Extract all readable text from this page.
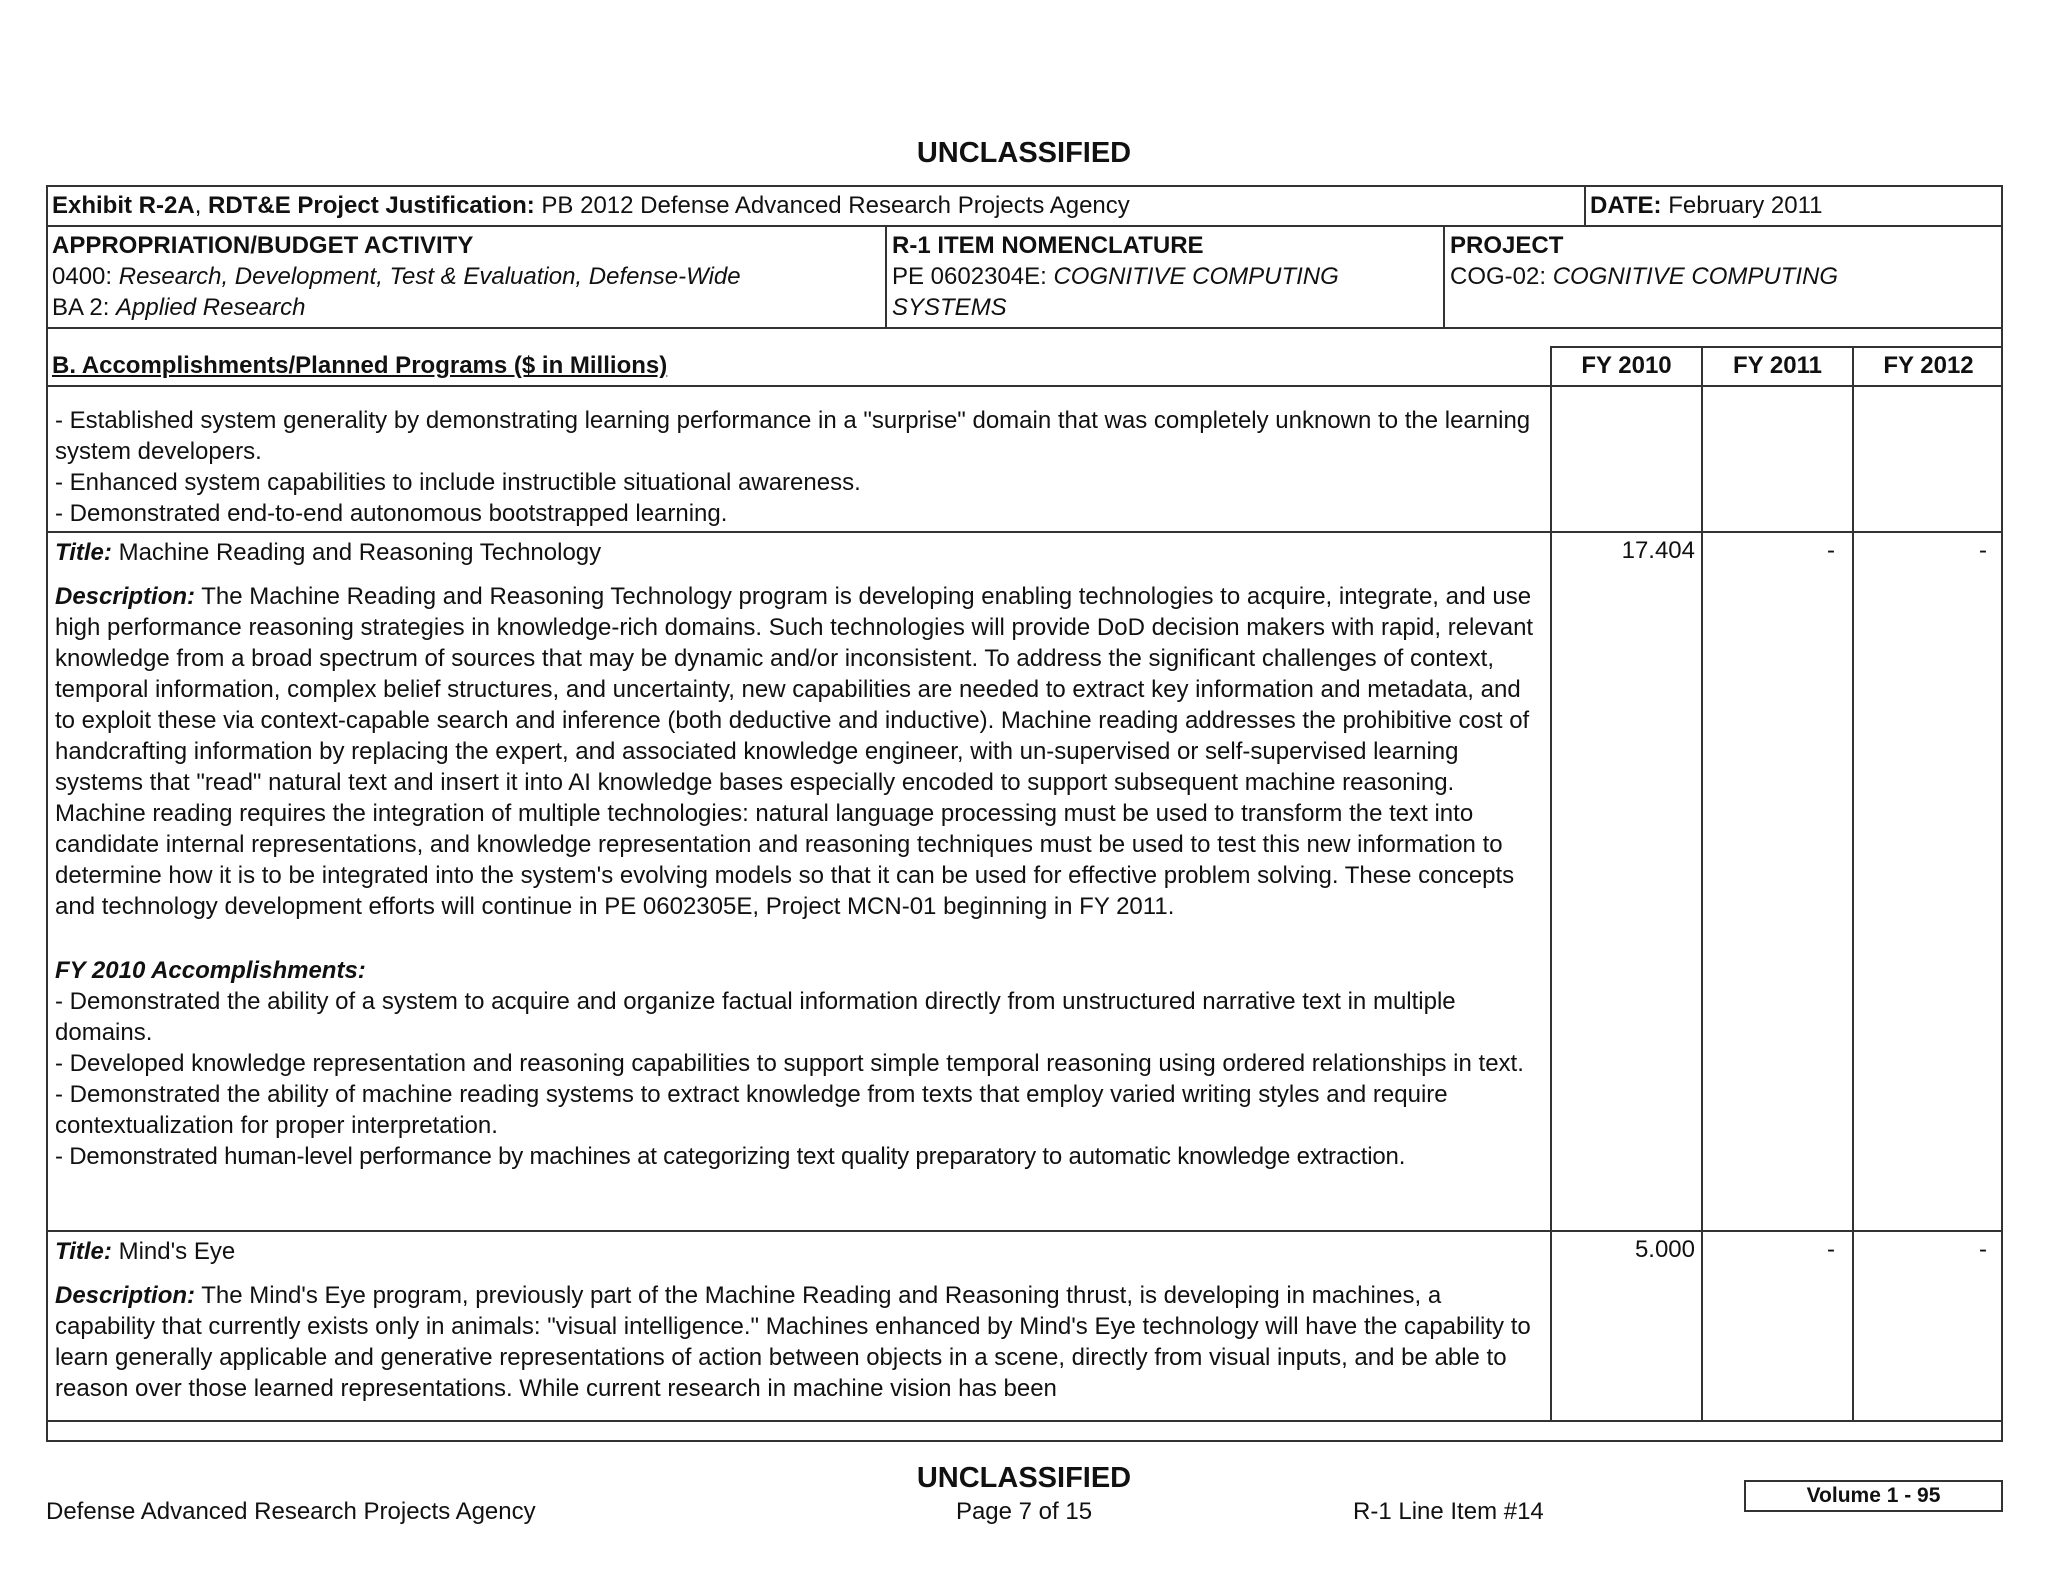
UNCLASSIFIED
Exhibit R-2A, RDT&E Project Justification: PB 2012 Defense Advanced Research Projects Agency	DATE: February 2011
APPROPRIATION/BUDGET ACTIVITY
0400: Research, Development, Test & Evaluation, Defense-Wide
BA 2: Applied Research
R-1 ITEM NOMENCLATURE
PE 0602304E: COGNITIVE COMPUTING SYSTEMS
PROJECT
COG-02: COGNITIVE COMPUTING
B. Accomplishments/Planned Programs ($ in Millions)	FY 2010	FY 2011	FY 2012

- Established system generality by demonstrating learning performance in a "surprise" domain that was completely unknown to the learning system developers.

- Enhanced system capabilities to include instructible situational awareness.

- Demonstrated end-to-end autonomous bootstrapped learning.

Title: Machine Reading and Reasoning Technology

Description: The Machine Reading and Reasoning Technology program is developing enabling technologies to acquire, integrate, and use high performance reasoning strategies in knowledge-rich domains. Such technologies will provide DoD decision makers with rapid, relevant knowledge from a broad spectrum of sources that may be dynamic and/or inconsistent. To address the significant challenges of context, temporal information, complex belief structures, and uncertainty, new capabilities are needed to extract key information and metadata, and to exploit these via context-capable search and inference (both deductive and inductive). Machine reading addresses the prohibitive cost of handcrafting information by replacing the expert, and associated knowledge engineer, with un-supervised or self-supervised learning systems that "read" natural text and insert it into AI knowledge bases especially encoded to support subsequent machine reasoning. Machine reading requires the integration of multiple technologies: natural language processing must be used to transform the text into candidate internal representations, and knowledge representation and reasoning techniques must be used to test this new information to determine how it is to be integrated into the system's evolving models so that it can be used for effective problem solving. These concepts and technology development efforts will continue in PE 0602305E, Project MCN-01 beginning in FY 2011.

FY 2010 Accomplishments:

- Demonstrated the ability of a system to acquire and organize factual information directly from unstructured narrative text in multiple domains.

- Developed knowledge representation and reasoning capabilities to support simple temporal reasoning using ordered relationships in text.

- Demonstrated the ability of machine reading systems to extract knowledge from texts that employ varied writing styles and require contextualization for proper interpretation.

- Demonstrated human-level performance by machines at categorizing text quality preparatory to automatic knowledge extraction.

17.404	-	-

Title: Mind's Eye

Description: The Mind's Eye program, previously part of the Machine Reading and Reasoning thrust, is developing in machines, a capability that currently exists only in animals: "visual intelligence." Machines enhanced by Mind's Eye technology will have the capability to learn generally applicable and generative representations of action between objects in a scene, directly from visual inputs, and be able to reason over those learned representations. While current research in machine vision has been

5.000	-	-
UNCLASSIFIED
Defense Advanced Research Projects Agency	Page 7 of 15	R-1 Line Item #14
Volume 1 - 95
